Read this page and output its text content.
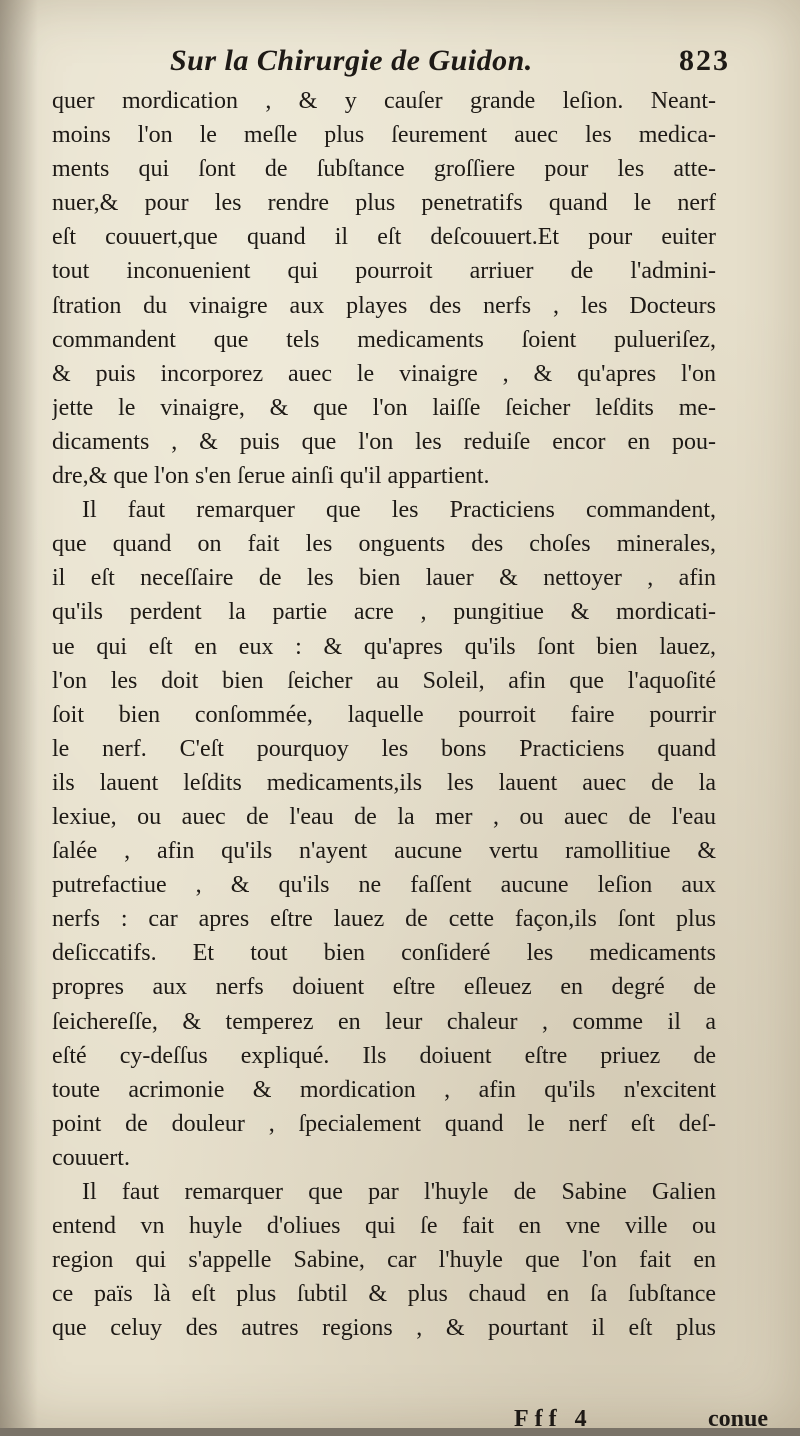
Sur la Chirurgie de Guidon.	823
quer mordication , & y cauſer grande leſion. Neant-
moins l'on le meſle plus ſeurement auec les medica-
ments qui ſont de ſubſtance groſſiere pour les atte-
nuer,& pour les rendre plus penetratifs quand le nerf
eſt couuert,que quand il eſt deſcouuert.Et pour euiter
tout inconuenient qui pourroit arriuer de l'admini-
ſtration du vinaigre aux playes des nerfs , les Docteurs
commandent que tels medicaments ſoient pulueriſez,
& puis incorporez auec le vinaigre , & qu'apres l'on
jette le vinaigre, & que l'on laiſſe ſeicher leſdits me-
dicaments , & puis que l'on les reduiſe encor en pou-
dre,& que l'on s'en ſerue ainſi qu'il appartient.
Il faut remarquer que les Practiciens commandent,
que quand on fait les onguents des choſes minerales,
il eſt neceſſaire de les bien lauer & nettoyer , afin
qu'ils perdent la partie acre , pungitiue & mordicati-
ue qui eſt en eux : & qu'apres qu'ils ſont bien lauez,
l'on les doit bien ſeicher au Soleil, afin que l'aquoſité
ſoit bien conſommée, laquelle pourroit faire pourrir
le nerf. C'eſt pourquoy les bons Practiciens quand
ils lauent leſdits medicaments,ils les lauent auec de la
lexiue, ou auec de l'eau de la mer , ou auec de l'eau
ſalée , afin qu'ils n'ayent aucune vertu ramollitiue &
putrefactiue , & qu'ils ne faſſent aucune leſion aux
nerfs : car apres eſtre lauez de cette façon,ils ſont plus
deſiccatifs. Et tout bien conſideré les medicaments
propres aux nerfs doiuent eſtre eſleuez en degré de
ſeichereſſe, & temperez en leur chaleur , comme il a
eſté cy-deſſus expliqué. Ils doiuent eſtre priuez de
toute acrimonie & mordication , afin qu'ils n'excitent
point de douleur , ſpecialement quand le nerf eſt deſ-
couuert.
Il faut remarquer que par l'huyle de Sabine Galien
entend vn huyle d'oliues qui ſe fait en vne ville ou
region qui s'appelle Sabine, car l'huyle que l'on fait en
ce païs là eſt plus ſubtil & plus chaud en ſa ſubſtance
que celuy des autres regions , & pourtant il eſt plus
Fff 4	conue
